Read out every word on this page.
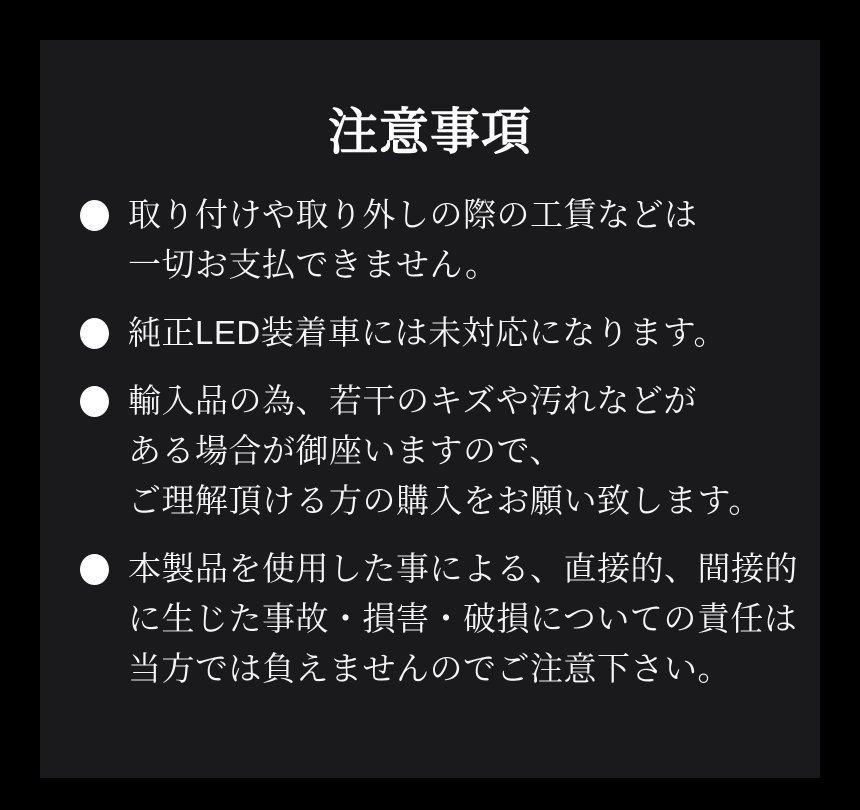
注意事項
取り付けや取り外しの際の工賃などは
一切お支払できません。
純正LED装着車には未対応になります。
輸入品の為、若干のキズや汚れなどが
ある場合が御座いますので、
ご理解頂ける方の購入をお願い致します。
本製品を使用した事による、直接的、間接的
に生じた事故・損害・破損についての責任は
当方では負えませんのでご注意下さい。
